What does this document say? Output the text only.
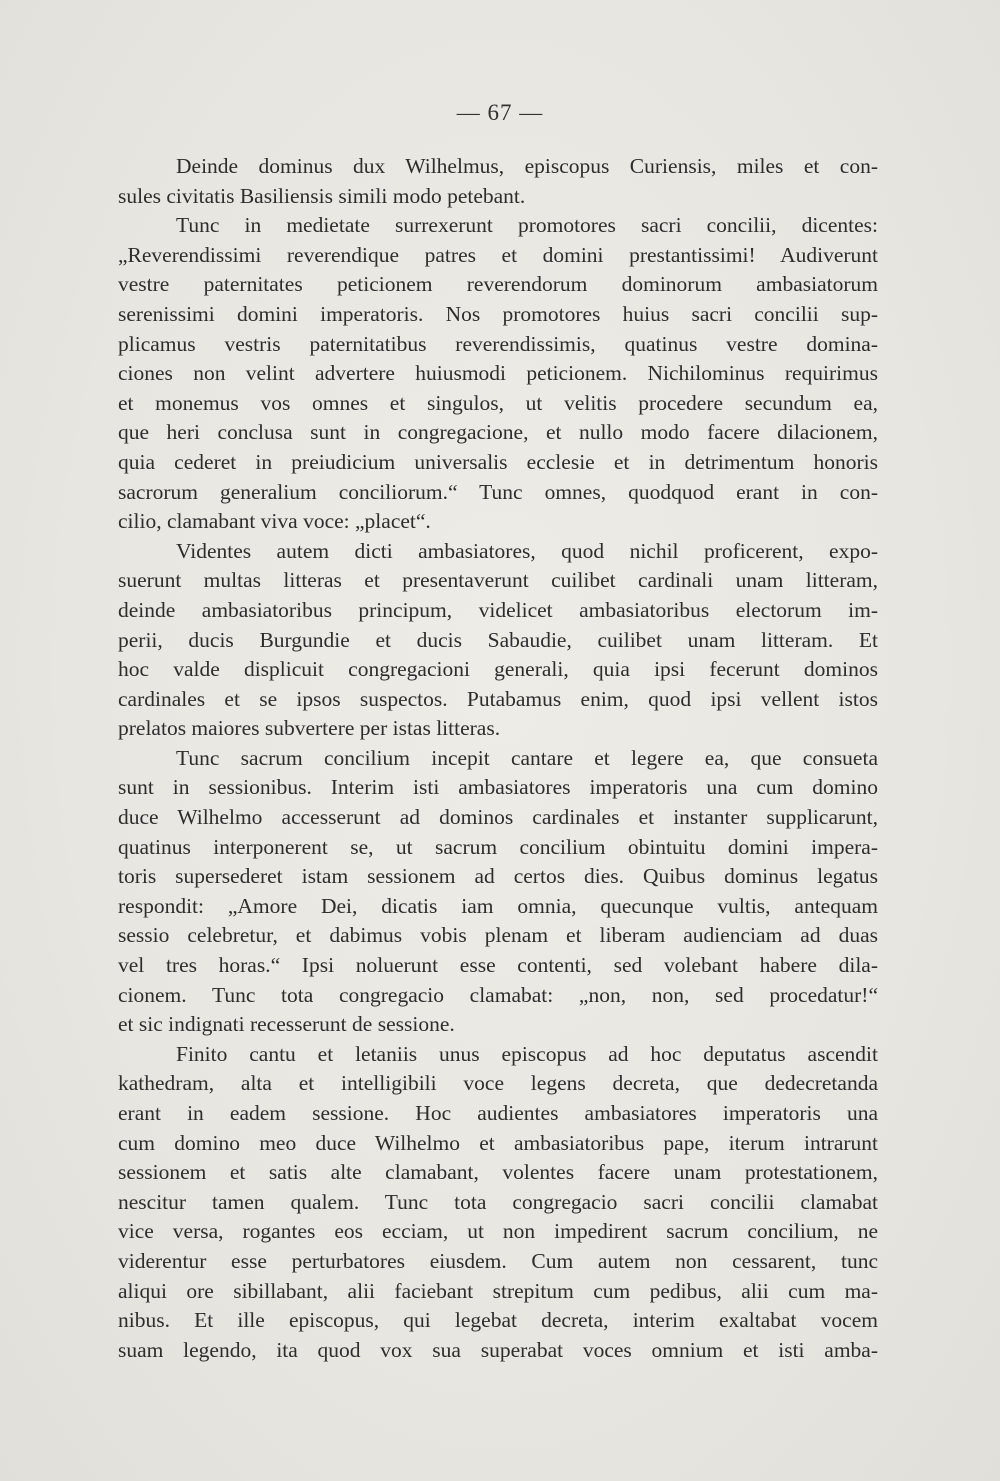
— 67 —
Deinde dominus dux Wilhelmus, episcopus Curiensis, miles et con-
sules civitatis Basiliensis simili modo petebant.
Tunc in medietate surrexerunt promotores sacri concilii, dicentes:
„Reverendissimi reverendique patres et domini prestantissimi! Audiverunt
vestre paternitates peticionem reverendorum dominorum ambasiatorum
serenissimi domini imperatoris. Nos promotores huius sacri concilii sup-
plicamus vestris paternitatibus reverendissimis, quatinus vestre domina-
ciones non velint advertere huiusmodi peticionem. Nichilominus requirimus
et monemus vos omnes et singulos, ut velitis procedere secundum ea,
que heri conclusa sunt in congregacione, et nullo modo facere dilacionem,
quia cederet in preiudicium universalis ecclesie et in detrimentum honoris
sacrorum generalium conciliorum.“ Tunc omnes, quodquod erant in con-
cilio, clamabant viva voce: „placet“.
Videntes autem dicti ambasiatores, quod nichil proficerent, expo-
suerunt multas litteras et presentaverunt cuilibet cardinali unam litteram,
deinde ambasiatoribus principum, videlicet ambasiatoribus electorum im-
perii, ducis Burgundie et ducis Sabaudie, cuilibet unam litteram. Et
hoc valde displicuit congregacioni generali, quia ipsi fecerunt dominos
cardinales et se ipsos suspectos. Putabamus enim, quod ipsi vellent istos
prelatos maiores subvertere per istas litteras.
Tunc sacrum concilium incepit cantare et legere ea, que consueta
sunt in sessionibus. Interim isti ambasiatores imperatoris una cum domino
duce Wilhelmo accesserunt ad dominos cardinales et instanter supplicarunt,
quatinus interponerent se, ut sacrum concilium obintuitu domini impera-
toris supersederet istam sessionem ad certos dies. Quibus dominus legatus
respondit: „Amore Dei, dicatis iam omnia, quecunque vultis, antequam
sessio celebretur, et dabimus vobis plenam et liberam audienciam ad duas
vel tres horas.“ Ipsi noluerunt esse contenti, sed volebant habere dila-
cionem. Tunc tota congregacio clamabat: „non, non, sed procedatur!“
et sic indignati recesserunt de sessione.
Finito cantu et letaniis unus episcopus ad hoc deputatus ascendit
kathedram, alta et intelligibili voce legens decreta, que dedecretanda
erant in eadem sessione. Hoc audientes ambasiatores imperatoris una
cum domino meo duce Wilhelmo et ambasiatoribus pape, iterum intrarunt
sessionem et satis alte clamabant, volentes facere unam protestationem,
nescitur tamen qualem. Tunc tota congregacio sacri concilii clamabat
vice versa, rogantes eos ecciam, ut non impedirent sacrum concilium, ne
viderentur esse perturbatores eiusdem. Cum autem non cessarent, tunc
aliqui ore sibillabant, alii faciebant strepitum cum pedibus, alii cum ma-
nibus. Et ille episcopus, qui legebat decreta, interim exaltabat vocem
suam legendo, ita quod vox sua superabat voces omnium et isti amba-
